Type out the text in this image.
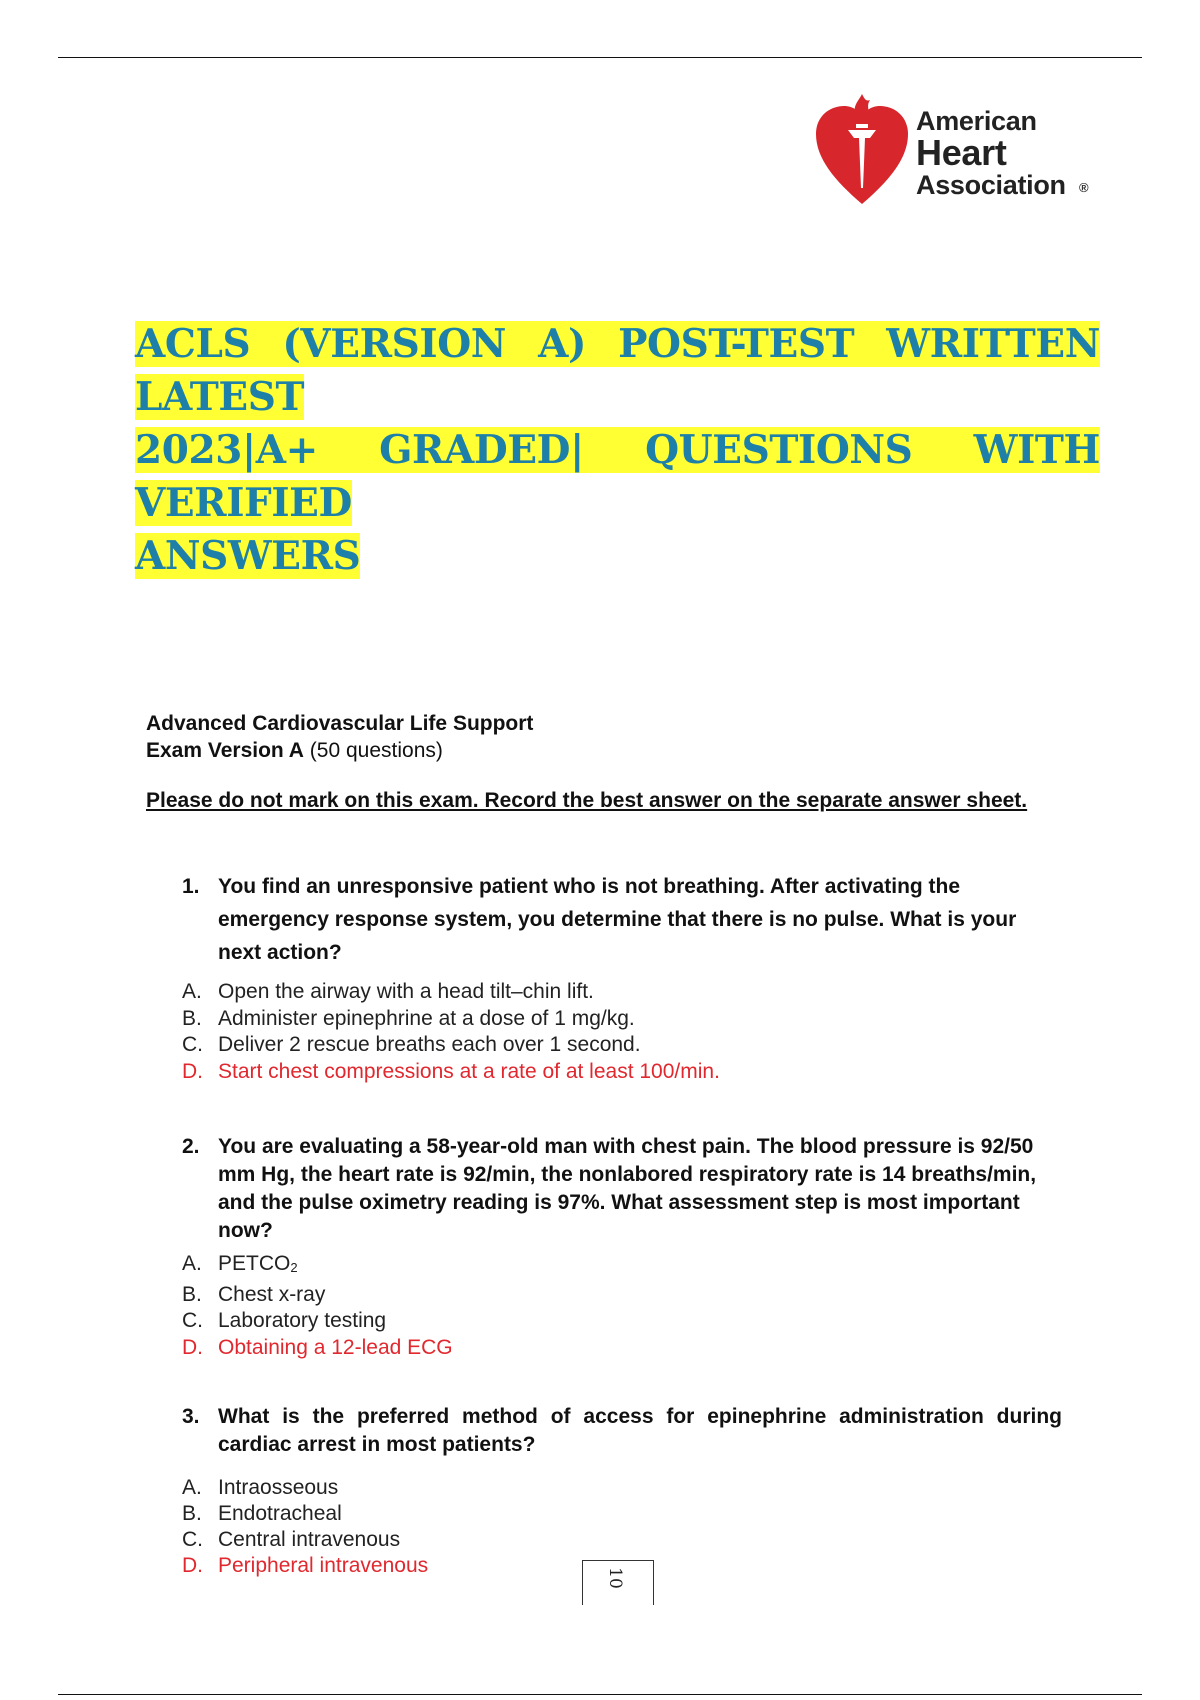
American
Heart
Association ®
ACLS (VERSION A) POST-TEST WRITTEN LATEST
2023|A+ GRADED| QUESTIONS WITH VERIFIED
ANSWERS
Advanced Cardiovascular Life Support
Exam Version A (50 questions)
Please do not mark on this exam. Record the best answer on the separate answer sheet.
1. You find an unresponsive patient who is not breathing. After activating the emergency response system, you determine that there is no pulse. What is your next action?
A. Open the airway with a head tilt–chin lift.
B. Administer epinephrine at a dose of 1 mg/kg.
C. Deliver 2 rescue breaths each over 1 second.
D. Start chest compressions at a rate of at least 100/min.
2. You are evaluating a 58-year-old man with chest pain. The blood pressure is 92/50 mm Hg, the heart rate is 92/min, the nonlabored respiratory rate is 14 breaths/min, and the pulse oximetry reading is 97%. What assessment step is most important now?
A. $PETCO_2$
B. Chest x-ray
C. Laboratory testing
D. Obtaining a 12-lead ECG
3. What is the preferred method of access for epinephrine administration during cardiac arrest in most patients?
A. Intraosseous
B. Endotracheal
C. Central intravenous
D. Peripheral intravenous
10
